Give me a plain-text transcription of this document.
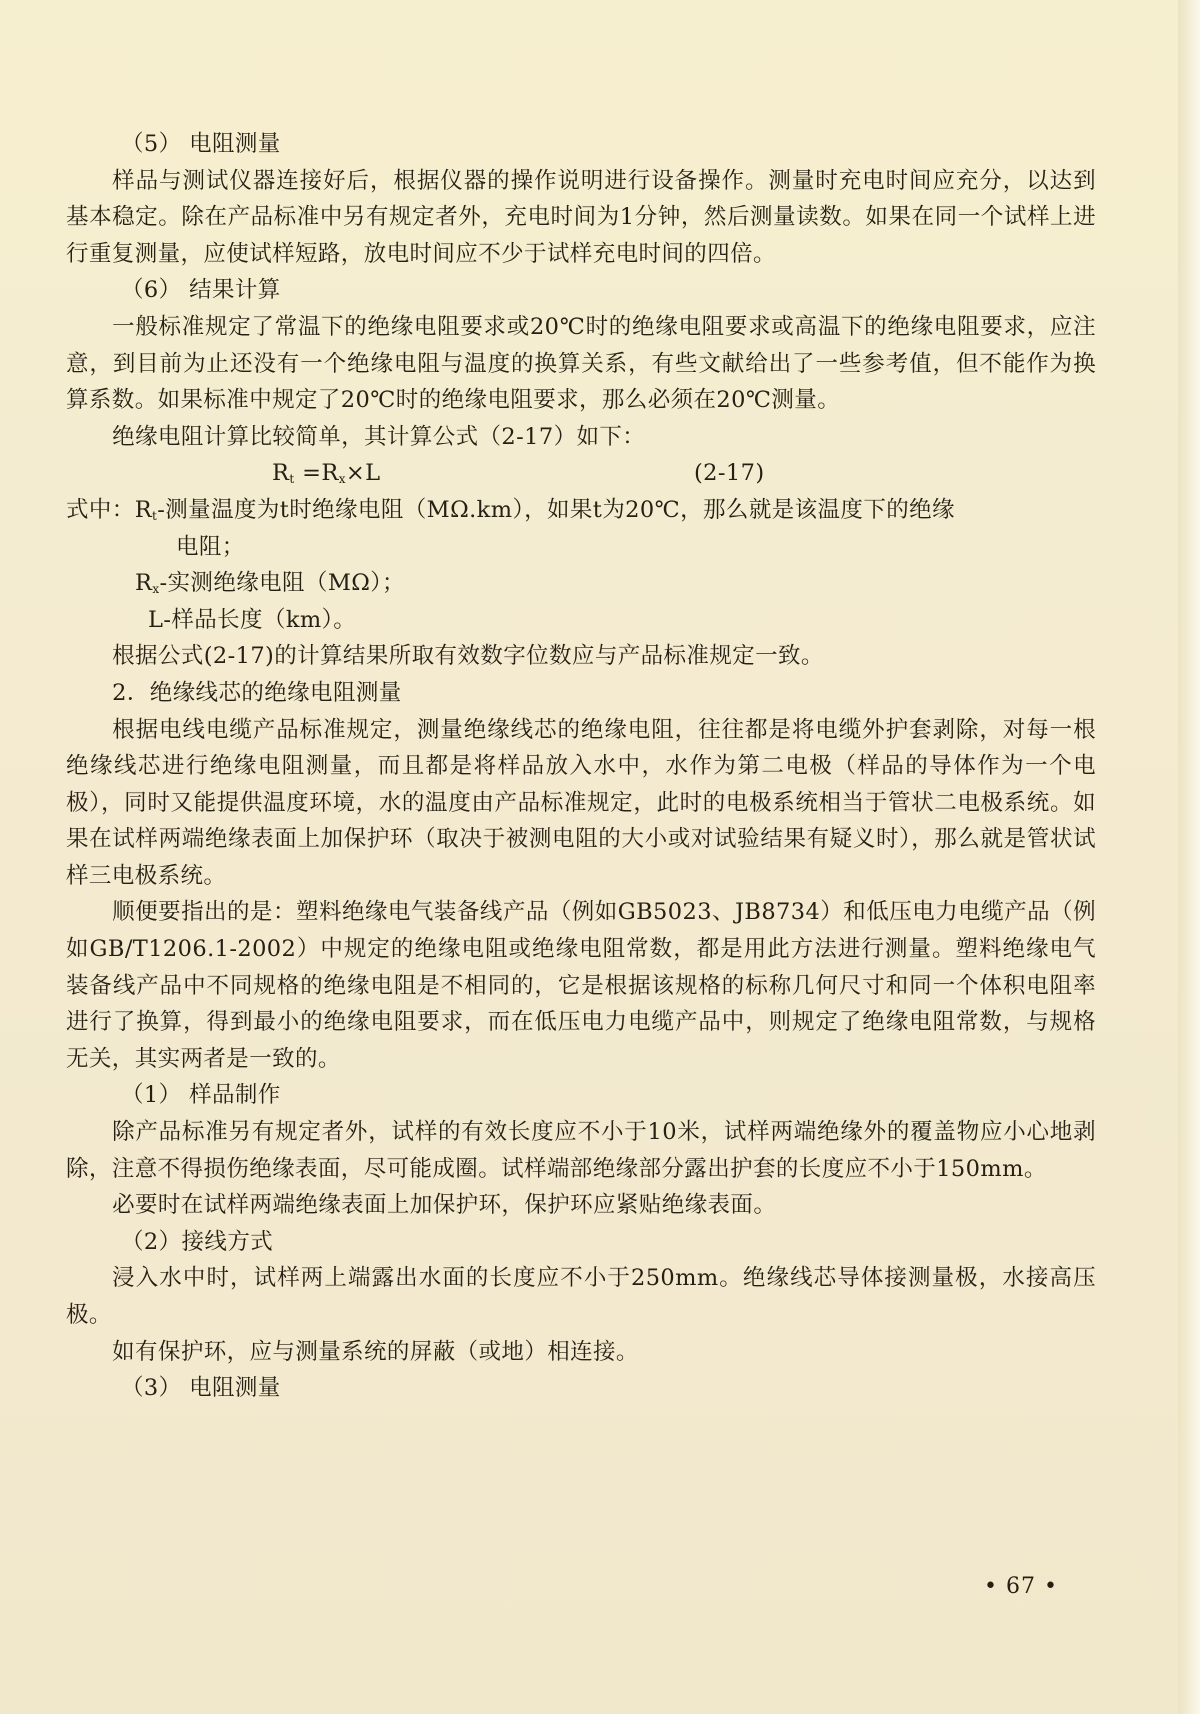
（5） 电阻测量

样品与测试仪器连接好后，根据仪器的操作说明进行设备操作。测量时充电时间应充分，以达到基本稳定。除在产品标准中另有规定者外，充电时间为1分钟，然后测量读数。如果在同一个试样上进行重复测量，应使试样短路，放电时间应不少于试样充电时间的四倍。

（6） 结果计算

一般标准规定了常温下的绝缘电阻要求或20℃时的绝缘电阻要求或高温下的绝缘电阻要求，应注意，到目前为止还没有一个绝缘电阻与温度的换算关系，有些文献给出了一些参考值，但不能作为换算系数。如果标准中规定了20℃时的绝缘电阻要求，那么必须在20℃测量。

绝缘电阻计算比较简单，其计算公式（2-17）如下：

$R_t =R_x\times L$	(2-17)

式中：$R_t-$测量温度为t时绝缘电阻（MΩ.km），如果t为20℃，那么就是该温度下的绝缘

电阻；

$R_x-$实测绝缘电阻（MΩ）；

L-样品长度（km）。

根据公式(2-17)的计算结果所取有效数字位数应与产品标准规定一致。

2．绝缘线芯的绝缘电阻测量

根据电线电缆产品标准规定，测量绝缘线芯的绝缘电阻，往往都是将电缆外护套剥除，对每一根绝缘线芯进行绝缘电阻测量，而且都是将样品放入水中，水作为第二电极（样品的导体作为一个电极），同时又能提供温度环境，水的温度由产品标准规定，此时的电极系统相当于管状二电极系统。如果在试样两端绝缘表面上加保护环（取决于被测电阻的大小或对试验结果有疑义时），那么就是管状试样三电极系统。

顺便要指出的是：塑料绝缘电气装备线产品（例如GB5023、JB8734）和低压电力电缆产品（例如GB/T1206.1-2002）中规定的绝缘电阻或绝缘电阻常数，都是用此方法进行测量。塑料绝缘电气装备线产品中不同规格的绝缘电阻是不相同的，它是根据该规格的标称几何尺寸和同一个体积电阻率进行了换算，得到最小的绝缘电阻要求，而在低压电力电缆产品中，则规定了绝缘电阻常数，与规格无关，其实两者是一致的。

（1） 样品制作

除产品标准另有规定者外，试样的有效长度应不小于10米，试样两端绝缘外的覆盖物应小心地剥除，注意不得损伤绝缘表面，尽可能成圈。试样端部绝缘部分露出护套的长度应不小于150mm。

必要时在试样两端绝缘表面上加保护环，保护环应紧贴绝缘表面。

（2）接线方式

浸入水中时，试样两上端露出水面的长度应不小于250mm。绝缘线芯导体接测量极，水接高压极。

如有保护环，应与测量系统的屏蔽（或地）相连接。

（3） 电阻测量

• 67 •
